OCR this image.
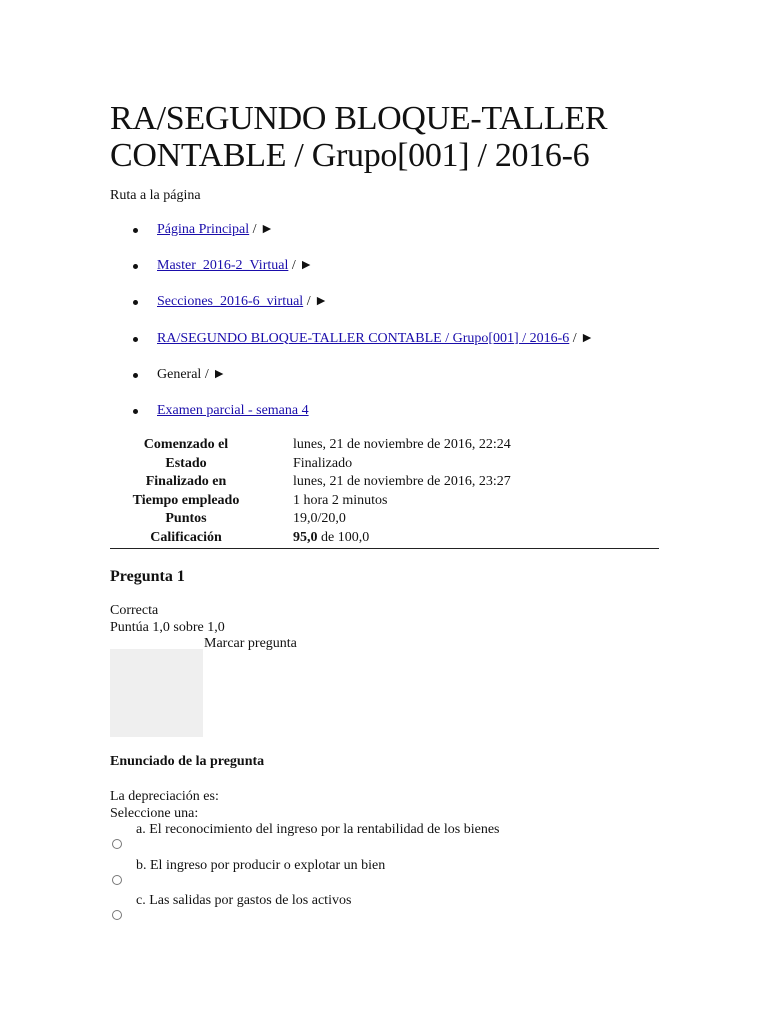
RA/SEGUNDO BLOQUE-TALLER CONTABLE / Grupo[001] / 2016-6
Ruta a la página
Página Principal / ►
Master_2016-2_Virtual / ►
Secciones_2016-6_virtual / ►
RA/SEGUNDO BLOQUE-TALLER CONTABLE / Grupo[001] / 2016-6 / ►
General / ►
Examen parcial - semana 4
Comenzado el	lunes, 21 de noviembre de 2016, 22:24
Estado	Finalizado
Finalizado en	lunes, 21 de noviembre de 2016, 23:27
Tiempo empleado	1 hora 2 minutos
Puntos	19,0/20,0
Calificación	95,0 de 100,0
Pregunta 1
Correcta
Puntúa 1,0 sobre 1,0
Marcar pregunta
Enunciado de la pregunta
La depreciación es:
Seleccione una:
a. El reconocimiento del ingreso por la rentabilidad de los bienes
b. El ingreso por producir o explotar un bien
c. Las salidas por gastos de los activos
